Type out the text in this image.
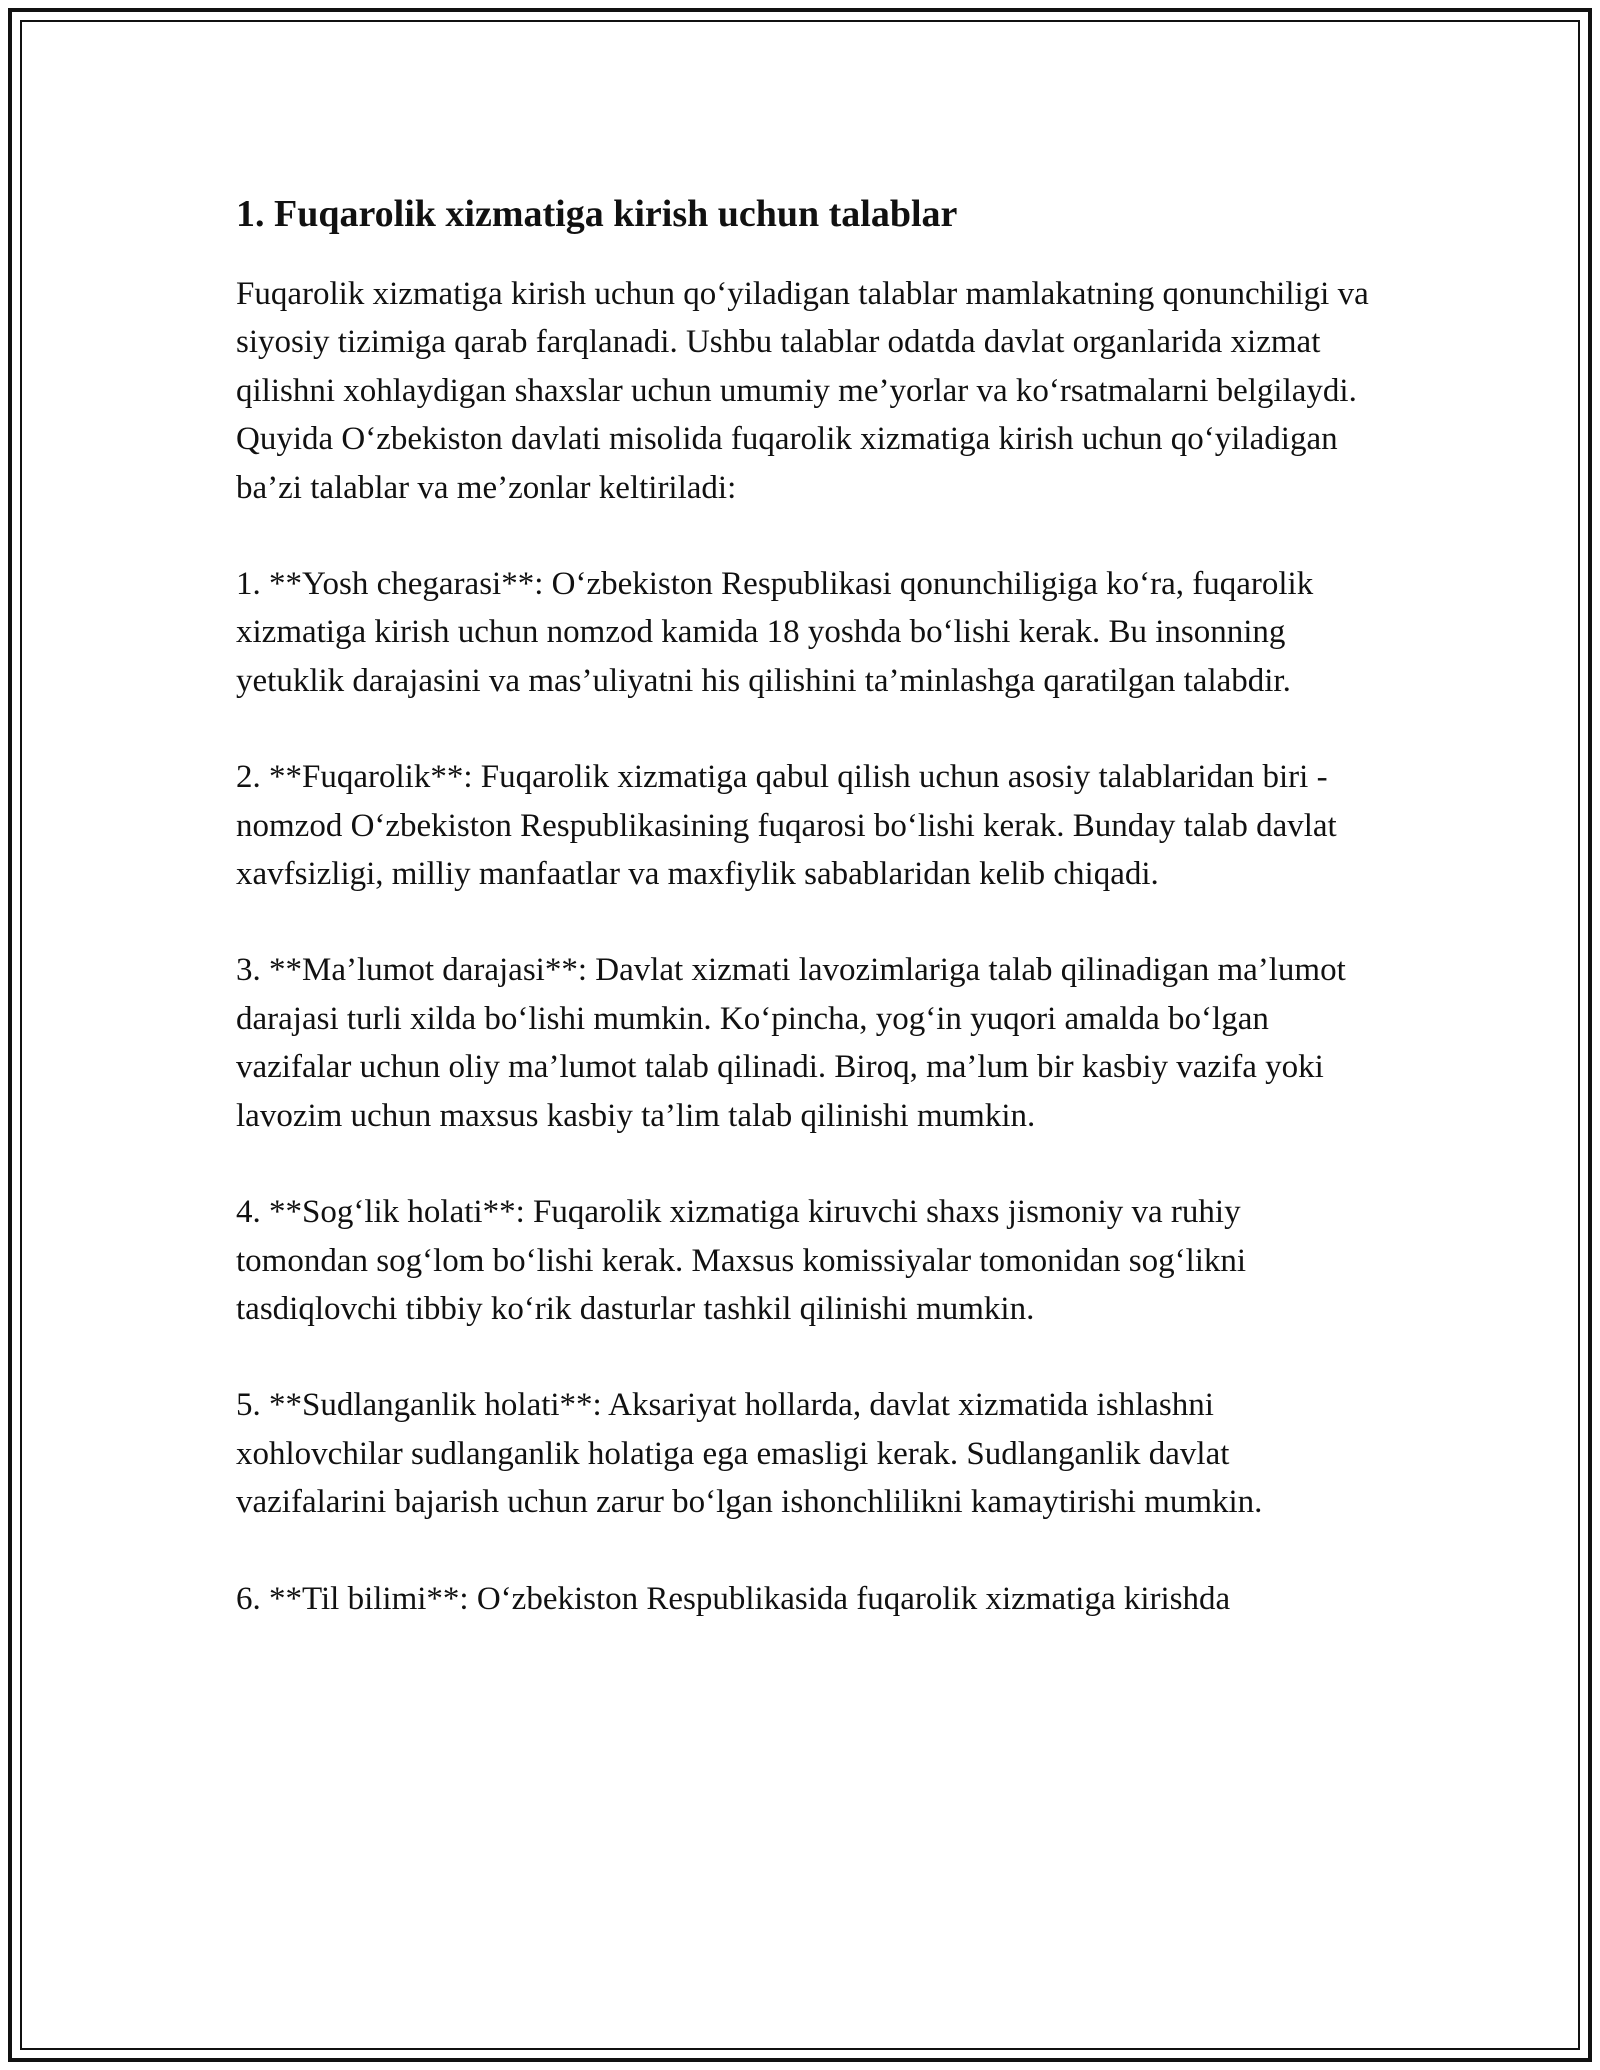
1. Fuqarolik xizmatiga kirish uchun talablar

Fuqarolik xizmatiga kirish uchun qo‘yiladigan talablar mamlakatning qonunchiligi va siyosiy tizimiga qarab farqlanadi. Ushbu talablar odatda davlat organlarida xizmat qilishni xohlaydigan shaxslar uchun umumiy me’yorlar va ko‘rsatmalarni belgilaydi. Quyida O‘zbekiston davlati misolida fuqarolik xizmatiga kirish uchun qo‘yiladigan ba’zi talablar va me’zonlar keltiriladi:

1. **Yosh chegarasi**: O‘zbekiston Respublikasi qonunchiligiga ko‘ra, fuqarolik xizmatiga kirish uchun nomzod kamida 18 yoshda bo‘lishi kerak. Bu insonning yetuklik darajasini va mas’uliyatni his qilishini ta’minlashga qaratilgan talabdir.

2. **Fuqarolik**: Fuqarolik xizmatiga qabul qilish uchun asosiy talablaridan biri - nomzod O‘zbekiston Respublikasining fuqarosi bo‘lishi kerak. Bunday talab davlat xavfsizligi, milliy manfaatlar va maxfiylik sabablaridan kelib chiqadi.

3. **Ma’lumot darajasi**: Davlat xizmati lavozimlariga talab qilinadigan ma’lumot darajasi turli xilda bo‘lishi mumkin. Ko‘pincha, yog‘in yuqori amalda bo‘lgan vazifalar uchun oliy ma’lumot talab qilinadi. Biroq, ma’lum bir kasbiy vazifa yoki lavozim uchun maxsus kasbiy ta’lim talab qilinishi mumkin.

4. **Sog‘lik holati**: Fuqarolik xizmatiga kiruvchi shaxs jismoniy va ruhiy tomondan sog‘lom bo‘lishi kerak. Maxsus komissiyalar tomonidan sog‘likni tasdiqlovchi tibbiy ko‘rik dasturlar tashkil qilinishi mumkin.

5. **Sudlanganlik holati**: Aksariyat hollarda, davlat xizmatida ishlashni xohlovchilar sudlanganlik holatiga ega emasligi kerak. Sudlanganlik davlat vazifalarini bajarish uchun zarur bo‘lgan ishonchlilikni kamaytirishi mumkin.

6. **Til bilimi**: O‘zbekiston Respublikasida fuqarolik xizmatiga kirishda
